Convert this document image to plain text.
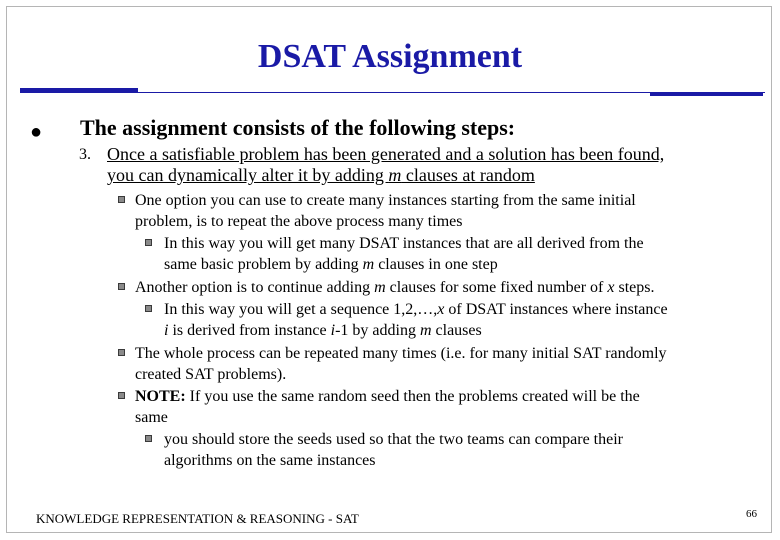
DSAT Assignment
● The assignment consists of the following steps:
3. Once a satisfiable problem has been generated and a solution has been found,
you can dynamically alter it by adding m clauses at random
One option you can use to create many instances starting from the same initial
problem, is to repeat the above process many times
In this way you will get many DSAT instances that are all derived from the
same basic problem by adding m clauses in one step
Another option is to continue adding m clauses for some fixed number of x steps.
In this way you will get a sequence 1,2,…,x of DSAT instances where instance
i is derived from instance i-1 by adding m clauses
The whole process can be repeated many times (i.e. for many initial SAT randomly
created SAT problems).
NOTE: If you use the same random seed then the problems created will be the
same
you should store the seeds used so that the two teams can compare their
algorithms on the same instances
KNOWLEDGE REPRESENTATION & REASONING - SAT	66
